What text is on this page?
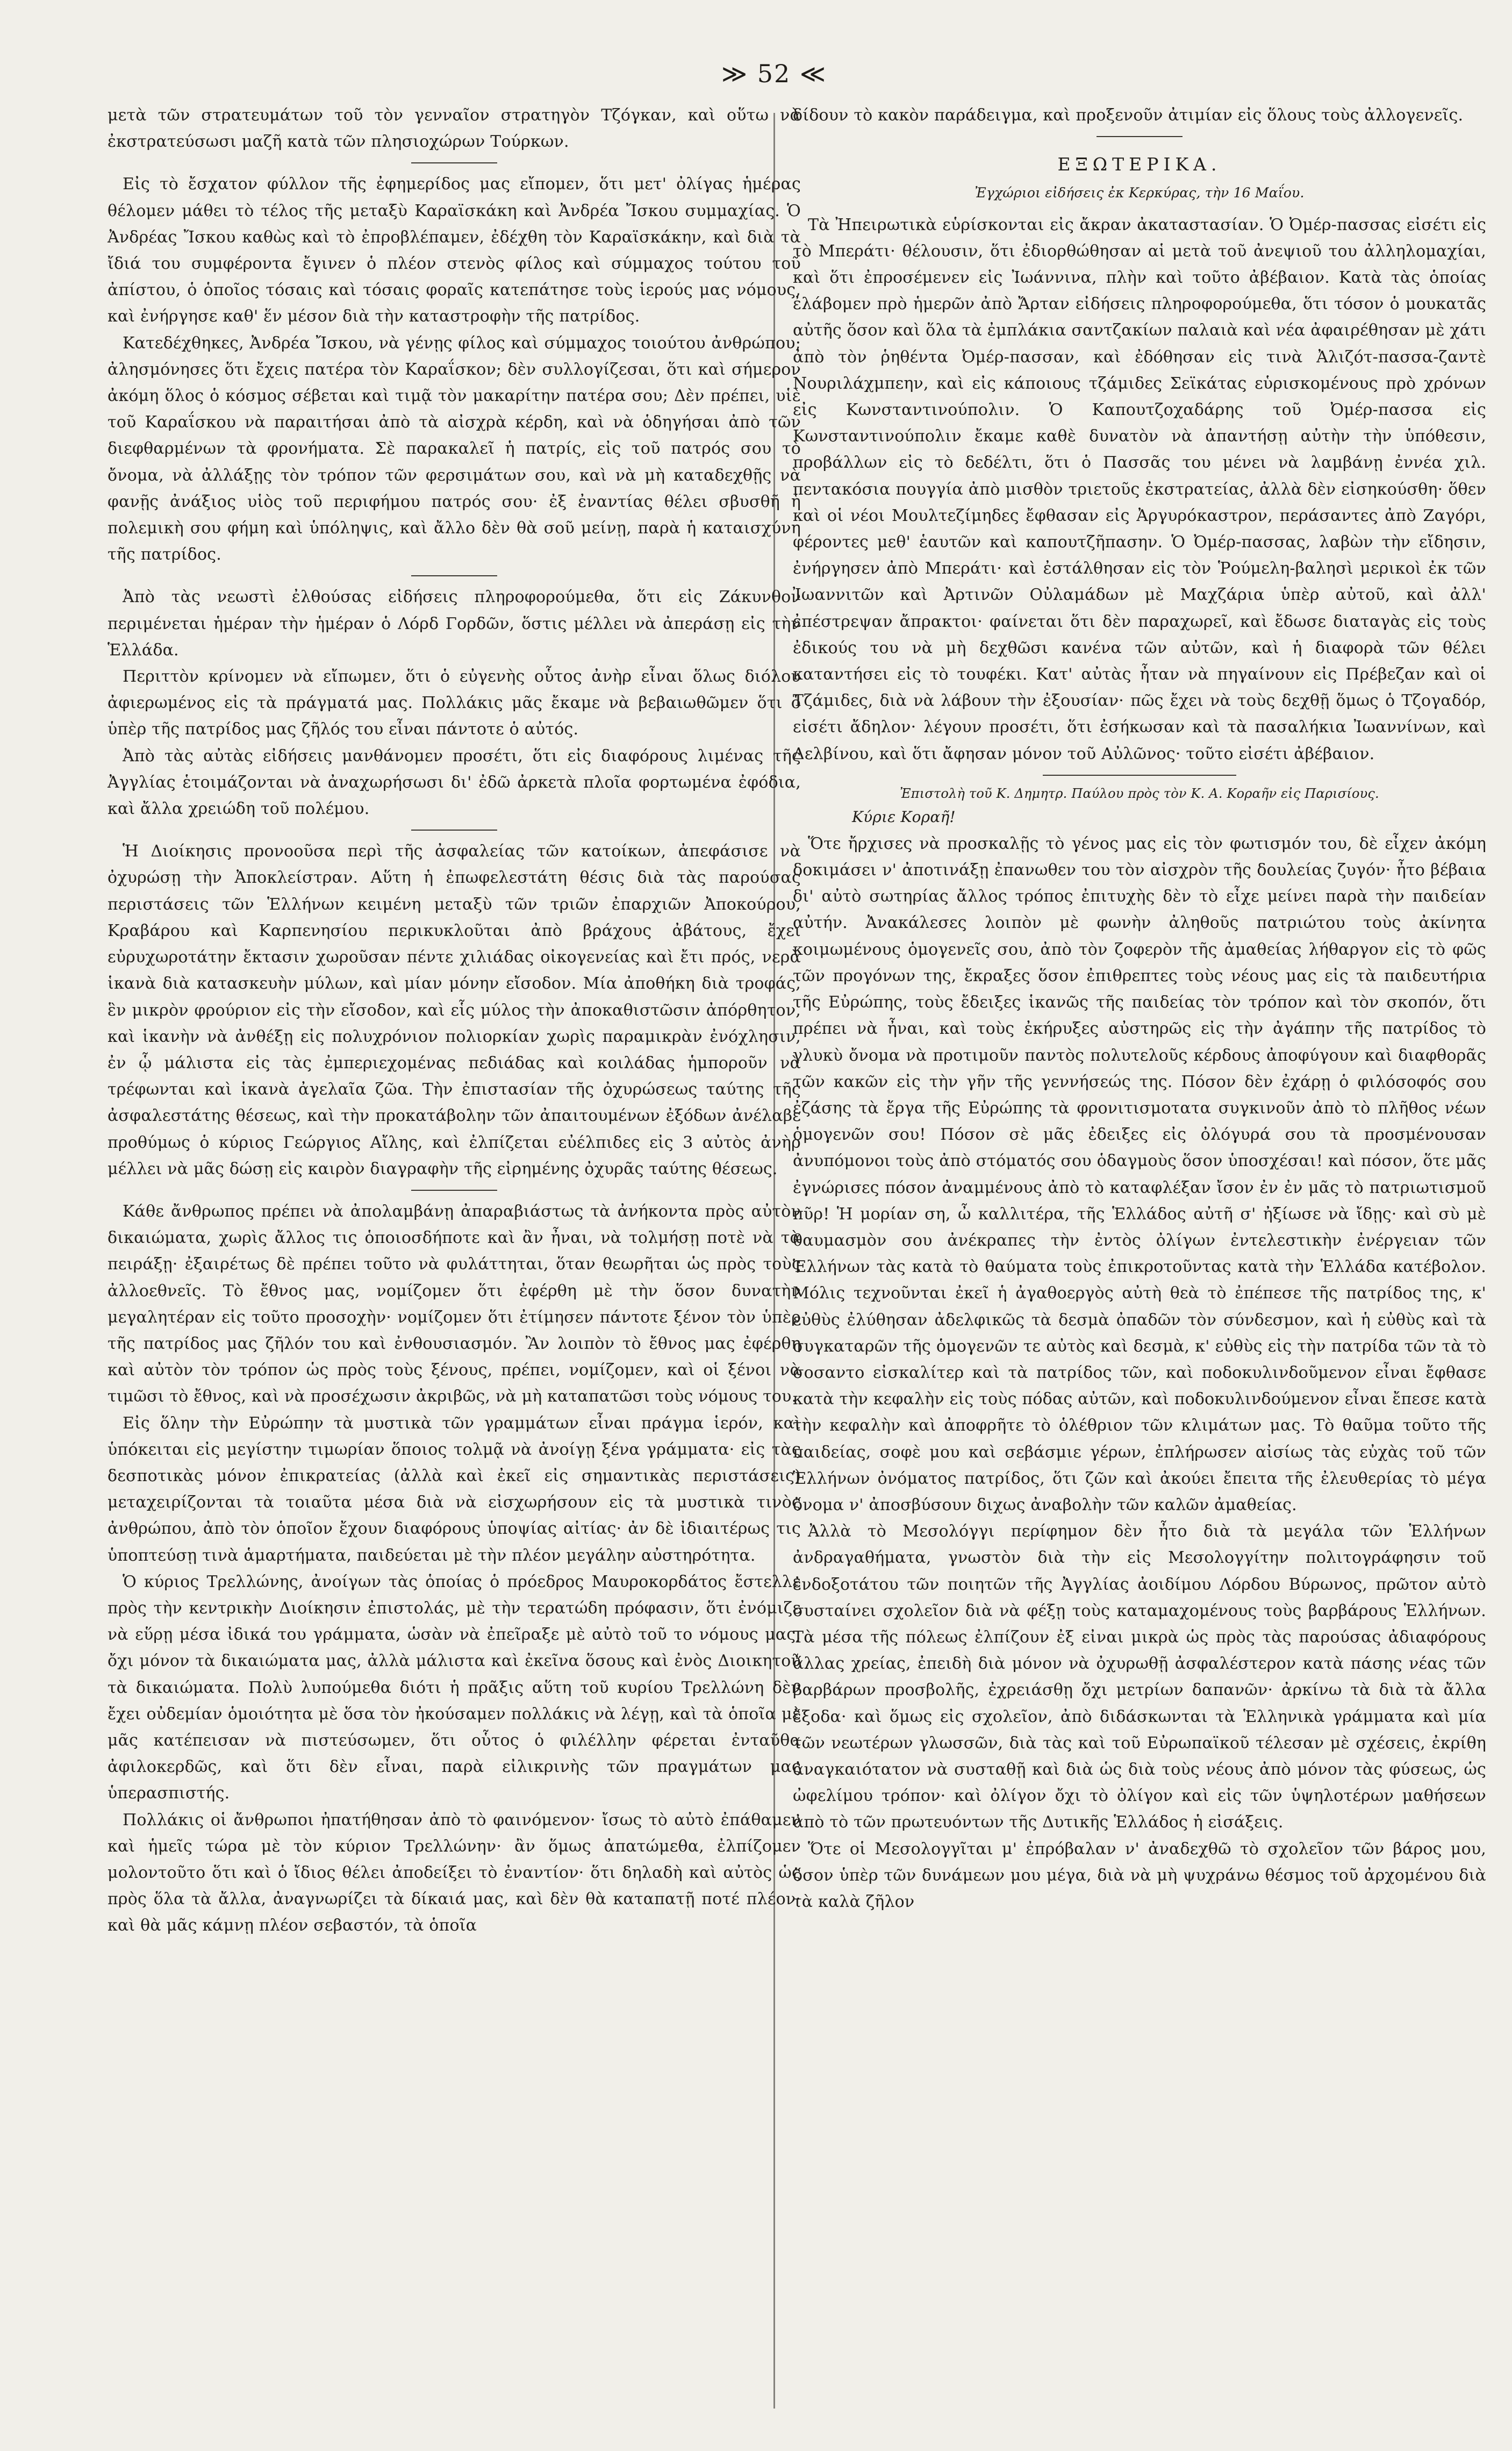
≫ 52 ≪

μετὰ τῶν στρατευμάτων τοῦ τὸν γενναῖον στρατηγὸν Τζόγκαν, καὶ οὕτω νὰ ἐκστρατεύσωσι μαζῆ κατὰ τῶν πλησιοχώρων Τούρκων.

Εἰς τὸ ἔσχατον φύλλον τῆς ἐφημερίδος μας εἴπομεν, ὅτι μετ' ὀλίγας ἡμέρας θέλομεν μάθει τὸ τέλος τῆς μεταξὺ Καραϊσκάκη καὶ Ἀνδρέα Ἴσκου συμμαχίας. Ὁ Ἀνδρέας Ἴσκου καθὼς καὶ τὸ ἐπροβλέπαμεν, ἐδέχθη τὸν Καραϊσκάκην, καὶ διὰ τὰ ἴδιά του συμφέροντα ἔγινεν ὁ πλέον στενὸς φίλος καὶ σύμμαχος τούτου τοῦ ἀπίστου, ὁ ὁποῖος τόσαις καὶ τόσαις φοραῖς κατεπάτησε τοὺς ἱερούς μας νόμους, καὶ ἐνήργησε καθ' ἕν μέσον διὰ τὴν καταστροφὴν τῆς πατρίδος.

Κατεδέχθηκες, Ἀνδρέα Ἴσκου, νὰ γένῃς φίλος καὶ σύμμαχος τοιούτου ἀνθρώπου; ἀλησμόνησες ὅτι ἔχεις πατέρα τὸν Καραΐσκον; δὲν συλλογίζεσαι, ὅτι καὶ σήμερον ἀκόμη ὅλος ὁ κόσμος σέβεται καὶ τιμᾷ τὸν μακαρίτην πατέρα σου; Δὲν πρέπει, υἱὲ τοῦ Καραΐσκου νὰ παραιτήσαι ἀπὸ τὰ αἰσχρὰ κέρδη, καὶ νὰ ὁδηγήσαι ἀπὸ τῶν διεφθαρμένων τὰ φρονήματα. Σὲ παρακαλεῖ ἡ πατρίς, εἰς τοῦ πατρός σου τὸ ὄνομα, νὰ ἀλλάξῃς τὸν τρόπον τῶν φερσιμάτων σου, καὶ νὰ μὴ καταδεχθῇς νὰ φανῇς ἀνάξιος υἱὸς τοῦ περιφήμου πατρός σου· ἐξ ἐναντίας θέλει σβυσθῆ ἡ πολεμικὴ σου φήμη καὶ ὑπόληψις, καὶ ἄλλο δὲν θὰ σοῦ μείνῃ, παρὰ ἡ καταισχύνη τῆς πατρίδος.

Ἀπὸ τὰς νεωστὶ ἐλθούσας εἰδήσεις πληροφορούμεθα, ὅτι εἰς Ζάκυνθον περιμένεται ἡμέραν τὴν ἡμέραν ὁ Λόρδ Γορδῶν, ὅστις μέλλει νὰ ἀπεράσῃ εἰς τὴν Ἑλλάδα.

Περιττὸν κρίνομεν νὰ εἴπωμεν, ὅτι ὁ εὐγενὴς οὗτος ἀνὴρ εἶναι ὅλως διόλου ἀφιερωμένος εἰς τὰ πράγματά μας. Πολλάκις μᾶς ἔκαμε νὰ βεβαιωθῶμεν ὅτι ὁ ὑπὲρ τῆς πατρίδος μας ζῆλός του εἶναι πάντοτε ὁ αὐτός.

Ἀπὸ τὰς αὐτὰς εἰδήσεις μανθάνομεν προσέτι, ὅτι εἰς διαφόρους λιμένας τῆς Ἀγγλίας ἑτοιμάζονται νὰ ἀναχωρήσωσι δι' ἐδῶ ἀρκετὰ πλοῖα φορτωμένα ἐφόδια, καὶ ἄλλα χρειώδη τοῦ πολέμου.

Ἡ Διοίκησις προνοοῦσα περὶ τῆς ἀσφαλείας τῶν κατοίκων, ἀπεφάσισε νὰ ὀχυρώσῃ τὴν Ἀποκλείστραν. Αὕτη ἡ ἐπωφελεστάτη θέσις διὰ τὰς παρούσας περιστάσεις τῶν Ἑλλήνων κειμένη μεταξὺ τῶν τριῶν ἐπαρχιῶν Ἀποκούρου, Κραβάρου καὶ Καρπενησίου περικυκλοῦται ἀπὸ βράχους ἀβάτους, ἔχει εὐρυχωροτάτην ἔκτασιν χωροῦσαν πέντε χιλιάδας οἰκογενείας καὶ ἔτι πρός, νερὰ ἱκανὰ διὰ κατασκευὴν μύλων, καὶ μίαν μόνην εἴσοδον. Μία ἀποθήκη διὰ τροφάς, ἓν μικρὸν φρούριον εἰς τὴν εἴσοδον, καὶ εἷς μύλος τὴν ἀποκαθιστῶσιν ἀπόρθητον, καὶ ἱκανὴν νὰ ἀνθέξῃ εἰς πολυχρόνιον πολιορκίαν χωρὶς παραμικρὰν ἐνόχλησιν, ἐν ᾧ μάλιστα εἰς τὰς ἐμπεριεχομένας πεδιάδας καὶ κοιλάδας ἡμποροῦν νὰ τρέφωνται καὶ ἱκανὰ ἀγελαῖα ζῶα. Τὴν ἐπιστασίαν τῆς ὀχυρώσεως ταύτης τῆς ἀσφαλεστάτης θέσεως, καὶ τὴν προκατάβολην τῶν ἀπαιτουμένων ἐξόδων ἀνέλαβε προθύμως ὁ κύριος Γεώργιος Αἴλης, καὶ ἐλπίζεται εὐέλπιδες εἰς 3 αὐτὸς ἀνὴρ μέλλει νὰ μᾶς δώσῃ εἰς καιρὸν διαγραφὴν τῆς εἰρημένης ὀχυρᾶς ταύτης θέσεως.

Κάθε ἄνθρωπος πρέπει νὰ ἀπολαμβάνῃ ἀπαραβιάστως τὰ ἀνήκοντα πρὸς αὐτὸν δικαιώματα, χωρὶς ἄλλος τις ὁποιοσδήποτε καὶ ἂν ἦναι, νὰ τολμήσῃ ποτὲ νὰ τὰ πειράξῃ· ἐξαιρέτως δὲ πρέπει τοῦτο νὰ φυλάττηται, ὅταν θεωρῆται ὡς πρὸς τοὺς ἀλλοεθνεῖς. Τὸ ἔθνος μας, νομίζομεν ὅτι ἐφέρθη μὲ τὴν ὅσον δυνατὴν μεγαλητέραν εἰς τοῦτο προσοχὴν· νομίζομεν ὅτι ἐτίμησεν πάντοτε ξένον τὸν ὑπὲρ τῆς πατρίδος μας ζῆλόν του καὶ ἐνθουσιασμόν. Ἂν λοιπὸν τὸ ἔθνος μας ἐφέρθη καὶ αὐτὸν τὸν τρόπον ὡς πρὸς τοὺς ξένους, πρέπει, νομίζομεν, καὶ οἱ ξένοι νὰ τιμῶσι τὸ ἔθνος, καὶ νὰ προσέχωσιν ἀκριβῶς, νὰ μὴ καταπατῶσι τοὺς νόμους του.

Εἰς ὅλην τὴν Εὐρώπην τὰ μυστικὰ τῶν γραμμάτων εἶναι πράγμα ἱερόν, καὶ ὑπόκειται εἰς μεγίστην τιμωρίαν ὅποιος τολμᾷ νὰ ἀνοίγῃ ξένα γράμματα· εἰς τὰς δεσποτικὰς μόνον ἐπικρατείας (ἀλλὰ καὶ ἐκεῖ εἰς σημαντικὰς περιστάσεις) μεταχειρίζονται τὰ τοιαῦτα μέσα διὰ νὰ εἰσχωρήσουν εἰς τὰ μυστικὰ τινὸς ἀνθρώπου, ἀπὸ τὸν ὁποῖον ἔχουν διαφόρους ὑποψίας αἰτίας· ἀν δὲ ἰδιαιτέρως τις ὑποπτεύσῃ τινὰ ἁμαρτήματα, παιδεύεται μὲ τὴν πλέον μεγάλην αὐστηρότητα.

Ὁ κύριος Τρελλώνης, ἀνοίγων τὰς ὁποίας ὁ πρόεδρος Μαυροκορδάτος ἔστελλε πρὸς τὴν κεντρικὴν Διοίκησιν ἐπιστολάς, μὲ τὴν τερατώδη πρόφασιν, ὅτι ἐνόμιζε νὰ εὕρῃ μέσα ἰδικά του γράμματα, ὡσὰν νὰ ἐπεῖραξε μὲ αὐτὸ τοῦ το νόμους μας, ὄχι μόνον τὰ δικαιώματα μας, ἀλλὰ μάλιστα καὶ ἐκεῖνα ὅσους καὶ ἐνὸς Διοικητοῦ τὰ δικαιώματα. Πολὺ λυπούμεθα διότι ἡ πρᾶξις αὕτη τοῦ κυρίου Τρελλώνη δὲν ἔχει οὐδεμίαν ὁμοιότητα μὲ ὅσα τὸν ἠκούσαμεν πολλάκις νὰ λέγῃ, καὶ τὰ ὁποῖα μὲ μᾶς κατέπεισαν νὰ πιστεύσωμεν, ὅτι οὗτος ὁ φιλέλλην φέρεται ἐνταῦθα ἀφιλοκερδῶς, καὶ ὅτι δὲν εἶναι, παρὰ εἰλικρινὴς τῶν πραγμάτων μας ὑπερασπιστής.

Πολλάκις οἱ ἄνθρωποι ἠπατήθησαν ἀπὸ τὸ φαινόμενον· ἴσως τὸ αὐτὸ ἐπάθαμεν καὶ ἡμεῖς τώρα μὲ τὸν κύριον Τρελλώνην· ἂν ὅμως ἀπατώμεθα, ἐλπίζομεν μολοντοῦτο ὅτι καὶ ὁ ἴδιος θέλει ἀποδείξει τὸ ἐναντίον· ὅτι δηλαδὴ καὶ αὐτὸς ὡς πρὸς ὅλα τὰ ἄλλα, ἀναγνωρίζει τὰ δίκαιά μας, καὶ δὲν θὰ καταπατῇ ποτέ πλέον· καὶ θὰ μᾶς κάμνῃ πλέον σεβαστόν, τὰ ὁποῖα

δίδουν τὸ κακὸν παράδειγμα, καὶ προξενοῦν ἀτιμίαν εἰς ὅλους τοὺς ἀλλογενεῖς.

ΕΞΩΤΕΡΙΚΑ.
Ἐγχώριοι εἰδήσεις ἐκ Κερκύρας, τὴν 16 Μαΐου.

Τὰ Ἠπειρωτικὰ εὑρίσκονται εἰς ἄκραν ἀκαταστασίαν. Ὁ Ὀμέρ-πασσας εἰσέτι εἰς τὸ Μπεράτι· θέλουσιν, ὅτι ἐδιορθώθησαν αἱ μετὰ τοῦ ἀνεψιοῦ του ἀλληλομαχίαι, καὶ ὅτι ἐπροσέμενεν εἰς Ἰωάννινα, πλὴν καὶ τοῦτο ἀβέβαιον. Κατὰ τὰς ὁποίας ἐλάβομεν πρὸ ἡμερῶν ἀπὸ Ἄρταν εἰδήσεις πληροφορούμεθα, ὅτι τόσον ὁ μουκατᾶς αὐτῆς ὅσον καὶ ὅλα τὰ ἐμπλάκια σαντζακίων παλαιὰ καὶ νέα ἀφαιρέθησαν μὲ χάτι ἀπὸ τὸν ῥηθέντα Ὀμέρ-πασσαν, καὶ ἐδόθησαν εἰς τινὰ Ἀλιζότ-πασσα-ζαντὲ Νουριλάχμπεην, καὶ εἰς κάποιους τζάμιδες Σεϊκάτας εὑρισκομένους πρὸ χρόνων εἰς Κωνσταντινούπολιν. Ὁ Καπουτζοχαδάρης τοῦ Ὀμέρ-πασσα εἰς Κωνσταντινούπολιν ἔκαμε καθὲ δυνατὸν νὰ ἀπαντήσῃ αὐτὴν τὴν ὑπόθεσιν, προβάλλων εἰς τὸ δεδέλτι, ὅτι ὁ Πασσᾶς του μένει νὰ λαμβάνῃ ἐννέα χιλ. πεντακόσια πουγγία ἀπὸ μισθὸν τριετοῦς ἐκστρατείας, ἀλλὰ δὲν εἰσηκούσθη· ὅθεν καὶ οἱ νέοι Μουλτεζίμηδες ἔφθασαν εἰς Ἀργυρόκαστρον, περάσαντες ἀπὸ Ζαγόρι, φέροντες μεθ' ἑαυτῶν καὶ καπουτζῆπασην. Ὁ Ὀμέρ-πασσας, λαβὼν τὴν εἴδησιν, ἐνήργησεν ἀπὸ Μπεράτι· καὶ ἐστάλθησαν εἰς τὸν Ῥούμελη-βαλησὶ μερικοὶ ἐκ τῶν Ἰωαννιτῶν καὶ Ἀρτινῶν Οὐλαμάδων μὲ Μαχζάρια ὑπὲρ αὐτοῦ, καὶ ἀλλ' ἐπέστρεψαν ἄπρακτοι· φαίνεται ὅτι δὲν παραχωρεῖ, καὶ ἔδωσε διαταγὰς εἰς τοὺς ἐδικούς του νὰ μὴ δεχθῶσι κανένα τῶν αὐτῶν, καὶ ἡ διαφορὰ τῶν θέλει καταντήσει εἰς τὸ τουφέκι. Κατ' αὐτὰς ἦταν νὰ πηγαίνουν εἰς Πρέβεζαν καὶ οἱ Τζάμιδες, διὰ νὰ λάβουν τὴν ἐξουσίαν· πῶς ἔχει νὰ τοὺς δεχθῇ ὅμως ὁ Τζογαδόρ, εἰσέτι ἄδηλον· λέγουν προσέτι, ὅτι ἐσήκωσαν καὶ τὰ πασαλήκια Ἰωαννίνων, καὶ Δελβίνου, καὶ ὅτι ἄφησαν μόνον τοῦ Αὐλῶνος· τοῦτο εἰσέτι ἀβέβαιον.

Ἐπιστολὴ τοῦ Κ. Δημητρ. Παύλου πρὸς τὸν Κ. Α. Κοραῆν εἰς Παρισίους.
Κύριε Κοραῆ!

Ὅτε ἤρχισες νὰ προσκαλῇς τὸ γένος μας εἰς τὸν φωτισμόν του, δὲ εἶχεν ἀκόμη δοκιμάσει ν' ἀποτινάξῃ ἐπανωθεν του τὸν αἰσχρὸν τῆς δουλείας ζυγόν· ἦτο βέβαια δι' αὐτὸ σωτηρίας ἄλλος τρόπος ἐπιτυχὴς δὲν τὸ εἶχε μείνει παρὰ τὴν παιδείαν αὐτήν. Ἀνακάλεσες λοιπὸν μὲ φωνὴν ἀληθοῦς πατριώτου τοὺς ἀκίνητα κοιμωμένους ὁμογενεῖς σου, ἀπὸ τὸν ζοφερὸν τῆς ἀμαθείας λήθαργον εἰς τὸ φῶς τῶν προγόνων της, ἔκραξες ὅσον ἐπιθρεπτες τοὺς νέους μας εἰς τὰ παιδευτήρια τῆς Εὐρώπης, τοὺς ἔδειξες ἱκανῶς τῆς παιδείας τὸν τρόπον καὶ τὸν σκοπόν, ὅτι πρέπει νὰ ἦναι, καὶ τοὺς ἐκήρυξες αὐστηρῶς εἰς τὴν ἀγάπην τῆς πατρίδος τὸ γλυκὺ ὄνομα νὰ προτιμοῦν παντὸς πολυτελοῦς κέρδους ἀποφύγουν καὶ διαφθορᾶς τῶν κακῶν εἰς τὴν γῆν τῆς γεννήσεώς της. Πόσον δὲν ἐχάρῃ ὁ φιλόσοφός σου ἐζάσης τὰ ἔργα τῆς Εὐρώπης τὰ φρονιτισμοτατα συγκινοῦν ἀπὸ τὸ πλῆθος νέων ὁμογενῶν σου! Πόσον σὲ μᾶς ἐδειξες εἰς ὀλόγυρά σου τὰ προσμένουσαν ἀνυπόμονοι τοὺς ἀπὸ στόματός σου ὁδαγμοὺς ὅσον ὑποσχέσαι! καὶ πόσον, ὅτε μᾶς ἐγνώρισες πόσον ἀναμμένους ἀπὸ τὸ καταφλέξαν ἴσον ἐν ἐν μᾶς τὸ πατριωτισμοῦ πῦρ! Ἡ μορίαν ση, ὦ καλλιτέρα, τῆς Ἑλλάδος αὐτῆ σ' ἠξίωσε νὰ ἴδῃς· καὶ σὺ μὲ θαυμασμὸν σου ἀνέκραπες τὴν ἐντὸς ὀλίγων ἐντελεστικὴν ἐνέργειαν τῶν Ἑλλήνων τὰς κατὰ τὸ θαύματα τοὺς ἐπικροτοῦντας κατὰ τὴν Ἑλλάδα κατέβολον. Μόλις τεχνοῦνται ἐκεῖ ἡ ἀγαθοεργὸς αὐτὴ θεὰ τὸ ἐπέπεσε τῆς πατρίδος της, κ' εὐθὺς ἐλύθησαν ἀδελφικῶς τὰ δεσμὰ ὀπαδῶν τὸν σύνδεσμον, καὶ ἡ εὐθὺς καὶ τὰ συγκαταρῶν τῆς ὁμογενῶν τε αὐτὸς καὶ δεσμὰ, κ' εὐθὺς εἰς τὴν πατρίδα τῶν τὰ τὸ σοσαντο εἰσκαλίτερ καὶ τὰ πατρίδος τῶν, καὶ ποδοκυλινδοῦμενον εἶναι ἔφθασε κατὰ τὴν κεφαλὴν εἰς τοὺς πόδας αὐτῶν, καὶ ποδοκυλινδούμενον εἶναι ἔπεσε κατὰ τὴν κεφαλὴν καὶ ἀποφρῆτε τὸ ὁλέθριον τῶν κλιμάτων μας. Τὸ θαῦμα τοῦτο τῆς παιδείας, σοφὲ μου καὶ σεβάσμιε γέρων, ἐπλήρωσεν αἰσίως τὰς εὐχὰς τοῦ τῶν Ἑλλήνων ὀνόματος πατρίδος, ὅτι ζῶν καὶ ἀκούει ἔπειτα τῆς ἐλευθερίας τὸ μέγα ὄνομα ν' ἀποσβύσουν διχως ἀναβολὴν τῶν καλῶν ἀμαθείας.

Ἀλλὰ τὸ Μεσολόγγι περίφημον δὲν ἦτο διὰ τὰ μεγάλα τῶν Ἑλλήνων ἀνδραγαθήματα, γνωστὸν διὰ τὴν εἰς Μεσολογγίτην πολιτογράφησιν τοῦ ἐνδοξοτάτου τῶν ποιητῶν τῆς Ἀγγλίας ἀοιδίμου Λόρδου Βύρωνος, πρῶτον αὐτὸ συσταίνει σχολεῖον διὰ νὰ φέξῃ τοὺς καταμαχομένους τοὺς βαρβάρους Ἑλλήνων. Τὰ μέσα τῆς πόλεως ἐλπίζουν ἐξ εἰναι μικρὰ ὡς πρὸς τὰς παρούσας ἀδιαφόρους ἄλλας χρείας, ἐπειδὴ διὰ μόνον νὰ ὀχυρωθῇ ἀσφαλέστερον κατὰ πάσης νέας τῶν βαρβάρων προσβολῆς, ἐχρειάσθῃ ὄχι μετρίων δαπανῶν· ἀρκίνω τὰ διὰ τὰ ἄλλα ἔξοδα· καὶ ὅμως εἰς σχολεῖον, ἀπὸ διδάσκωνται τὰ Ἑλληνικὰ γράμματα καὶ μία τῶν νεωτέρων γλωσσῶν, διὰ τὰς καὶ τοῦ Εὐρωπαϊκοῦ τέλεσαν μὲ σχέσεις, ἐκρίθη ἀναγκαιότατον νὰ συσταθῇ καὶ διὰ ὡς διὰ τοὺς νέους ἀπὸ μόνον τὰς φύσεως, ὡς ὠφελίμου τρόπον· καὶ ὀλίγον ὄχι τὸ ὀλίγον καὶ εἰς τῶν ὑψηλοτέρων μαθήσεων ἀπὸ τὸ τῶν πρωτευόντων τῆς Δυτικῆς Ἑλλάδος ἡ εἰσάξεις.

Ὅτε οἱ Μεσολογγῖται μ' ἐπρόβαλαν ν' ἀναδεχθῶ τὸ σχολεῖον τῶν βάρος μου, ὅσον ὑπὲρ τῶν δυνάμεων μου μέγα, διὰ νὰ μὴ ψυχράνω θέσμος τοῦ ἀρχομένου διὰ τὰ καλὰ ζῆλον
